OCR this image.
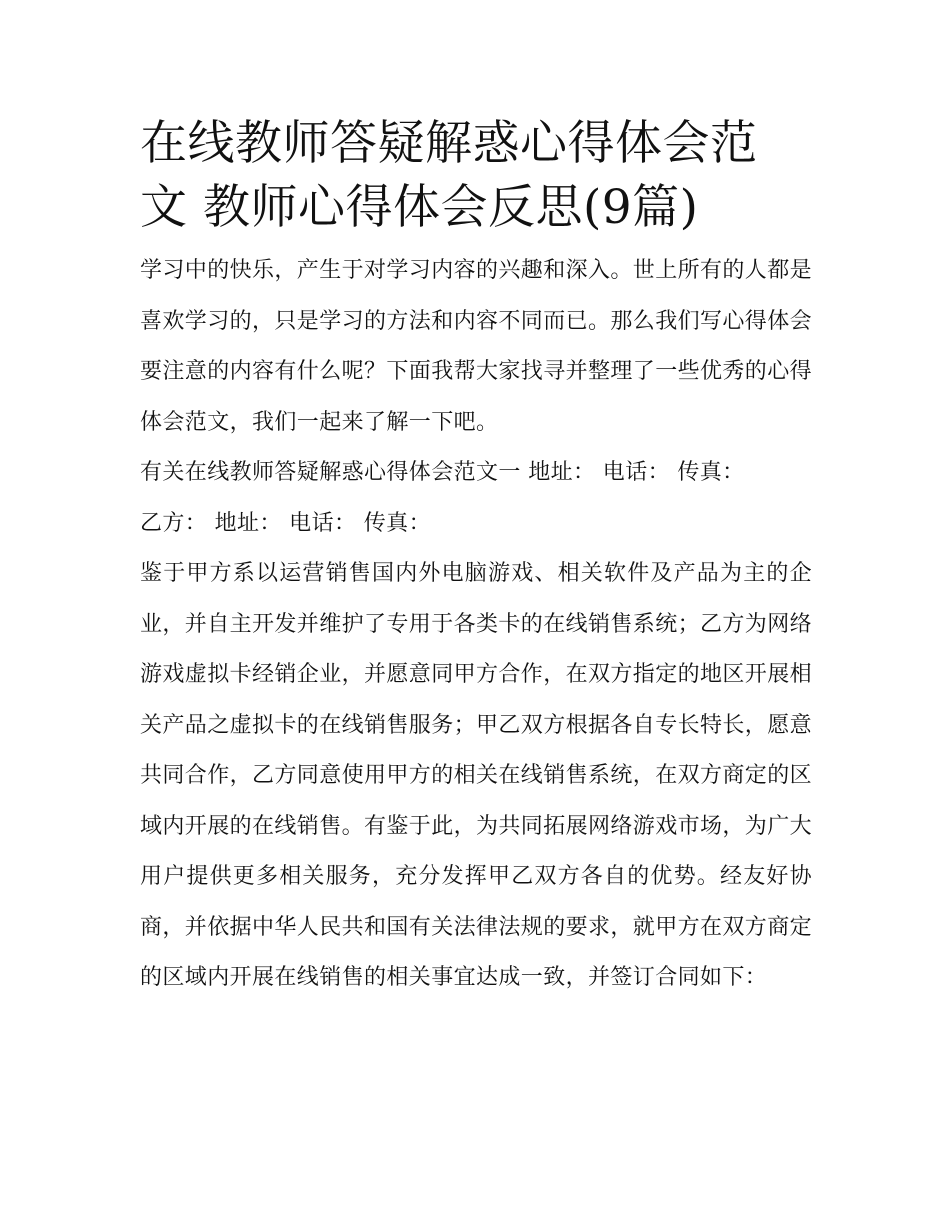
在线教师答疑解惑心得体会范文 教师心得体会反思(9篇)

学习中的快乐，产生于对学习内容的兴趣和深入。世上所有的人都是喜欢学习的，只是学习的方法和内容不同而已。那么我们写心得体会要注意的内容有什么呢？下面我帮大家找寻并整理了一些优秀的心得体会范文，我们一起来了解一下吧。

有关在线教师答疑解惑心得体会范文一 地址： 电话： 传真：

乙方： 地址： 电话： 传真：

鉴于甲方系以运营销售国内外电脑游戏、相关软件及产品为主的企业，并自主开发并维护了专用于各类卡的在线销售系统；乙方为网络游戏虚拟卡经销企业，并愿意同甲方合作，在双方指定的地区开展相关产品之虚拟卡的在线销售服务；甲乙双方根据各自专长特长，愿意共同合作，乙方同意使用甲方的相关在线销售系统，在双方商定的区域内开展的在线销售。有鉴于此，为共同拓展网络游戏市场，为广大用户提供更多相关服务，充分发挥甲乙双方各自的优势。经友好协商，并依据中华人民共和国有关法律法规的要求，就甲方在双方商定的区域内开展在线销售的相关事宜达成一致，并签订合同如下：
